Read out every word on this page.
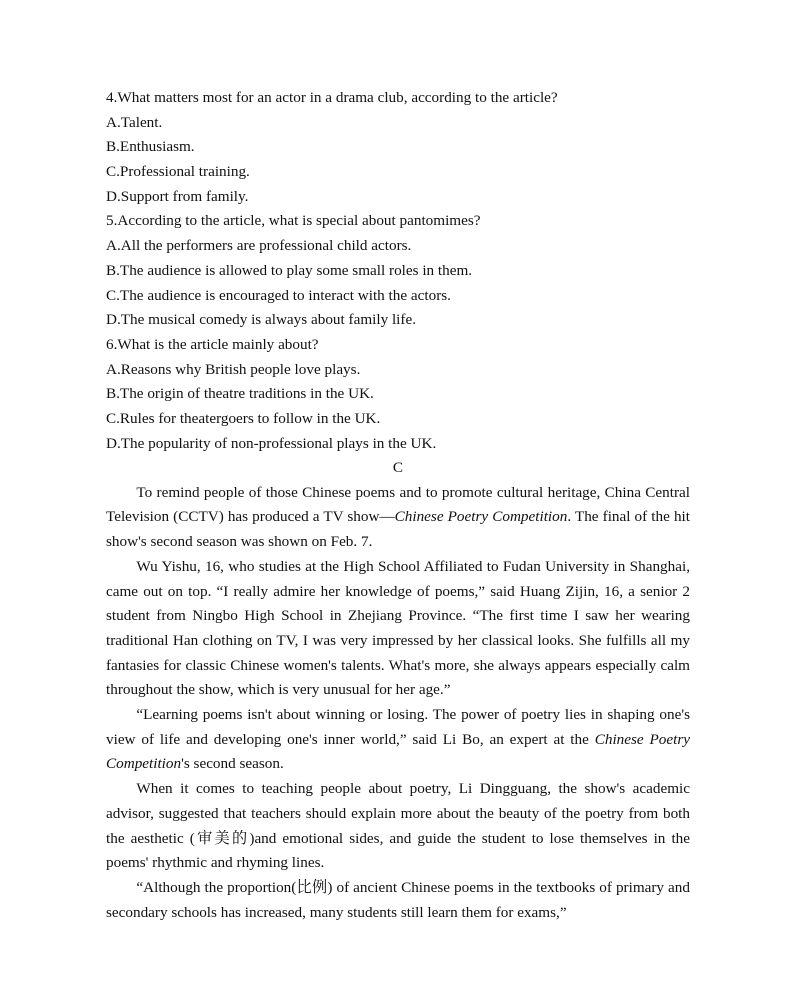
4.What matters most for an actor in a drama club, according to the article?
A.Talent.
B.Enthusiasm.
C.Professional training.
D.Support from family.
5.According to the article, what is special about pantomimes?
A.All the performers are professional child actors.
B.The audience is allowed to play some small roles in them.
C.The audience is encouraged to interact with the actors.
D.The musical comedy is always about family life.
6.What is the article mainly about?
A.Reasons why British people love plays.
B.The origin of theatre traditions in the UK.
C.Rules for theatergoers to follow in the UK.
D.The popularity of non-professional plays in the UK.
C

To remind people of those Chinese poems and to promote cultural heritage, China Central Television (CCTV) has produced a TV show—Chinese Poetry Competition. The final of the hit show's second season was shown on Feb. 7.

Wu Yishu, 16, who studies at the High School Affiliated to Fudan University in Shanghai, came out on top. “I really admire her knowledge of poems,” said Huang Zijin, 16, a senior 2 student from Ningbo High School in Zhejiang Province. “The first time I saw her wearing traditional Han clothing on TV, I was very impressed by her classical looks. She fulfills all my fantasies for classic Chinese women's talents. What's more, she always appears especially calm throughout the show, which is very unusual for her age.”

“Learning poems isn't about winning or losing. The power of poetry lies in shaping one's view of life and developing one's inner world,” said Li Bo, an expert at the Chinese Poetry Competition's second season.

When it comes to teaching people about poetry, Li Dingguang, the show's academic advisor, suggested that teachers should explain more about the beauty of the poetry from both the aesthetic (审美的)and emotional sides, and guide the student to lose themselves in the poems' rhythmic and rhyming lines.

“Although the proportion(比例) of ancient Chinese poems in the textbooks of primary and secondary schools has increased, many students still learn them for exams,”
